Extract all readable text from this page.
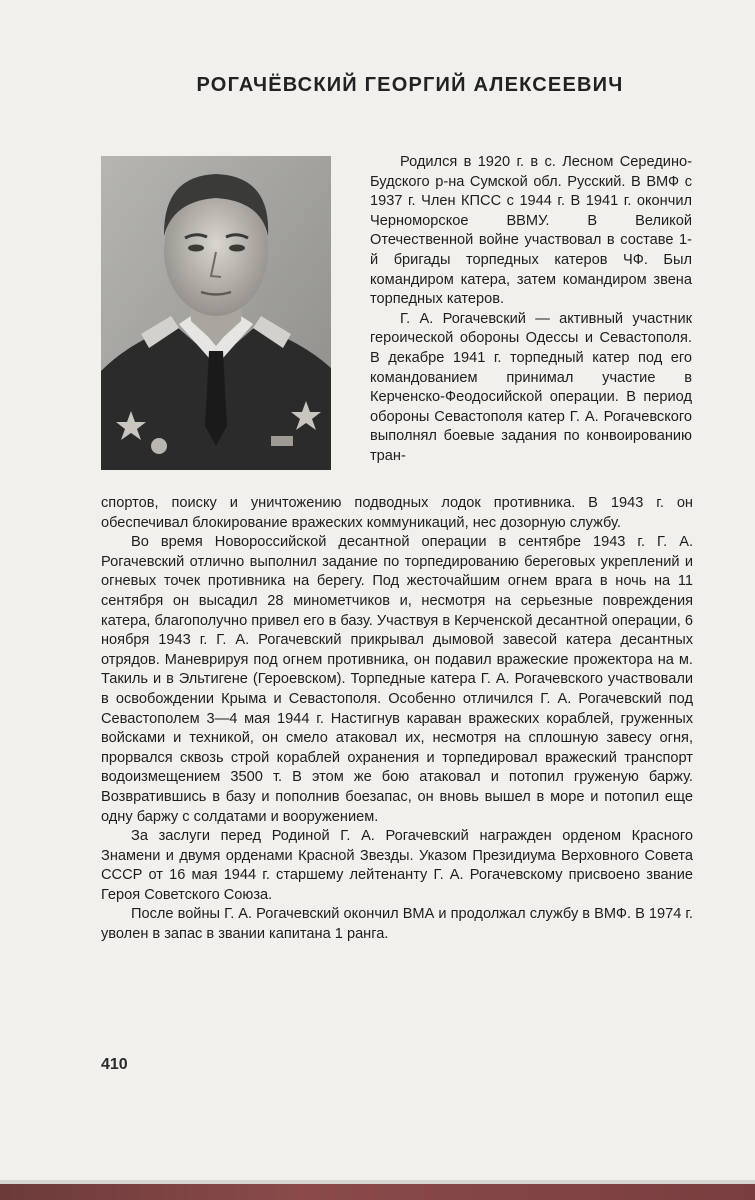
РОГАЧЁВСКИЙ ГЕОРГИЙ АЛЕКСЕЕВИЧ

Родился в 1920 г. в с. Лесном Середино-Будского р-на Сумской обл. Русский. В ВМФ с 1937 г. Член КПСС с 1944 г. В 1941 г. окончил Черноморское ВВМУ. В Великой Отечественной войне участвовал в составе 1-й бригады торпедных катеров ЧФ. Был командиром катера, затем командиром звена торпедных катеров.

Г. А. Рогачевский — активный участник героической обороны Одессы и Севастополя. В декабре 1941 г. торпедный катер под его командованием принимал участие в Керченско-Феодосийской операции. В период обороны Севастополя катер Г. А. Рогачевского выполнял боевые задания по конвоированию тран-

спортов, поиску и уничтожению подводных лодок противника. В 1943 г. он обеспечивал блокирование вражеских коммуникаций, нес дозорную службу.

Во время Новороссийской десантной операции в сентябре 1943 г. Г. А. Рогачевский отлично выполнил задание по торпедированию береговых укреплений и огневых точек противника на берегу. Под жесточайшим огнем врага в ночь на 11 сентября он высадил 28 минометчиков и, несмотря на серьезные повреждения катера, благополучно привел его в базу. Участвуя в Керченской десантной операции, 6 ноября 1943 г. Г. А. Рогачевский прикрывал дымовой завесой катера десантных отрядов. Маневрируя под огнем противника, он подавил вражеские прожектора на м. Такиль и в Эльтигене (Героевском). Торпедные катера Г. А. Рогачевского участвовали в освобождении Крыма и Севастополя. Особенно отличился Г. А. Рогачевский под Севастополем 3—4 мая 1944 г. Настигнув караван вражеских кораблей, груженных войсками и техникой, он смело атаковал их, несмотря на сплошную завесу огня, прорвался сквозь строй кораблей охранения и торпедировал вражеский транспорт водоизмещением 3500 т. В этом же бою атаковал и потопил груженую баржу. Возвратившись в базу и пополнив боезапас, он вновь вышел в море и потопил еще одну баржу с солдатами и вооружением.

За заслуги перед Родиной Г. А. Рогачевский награжден орденом Красного Знамени и двумя орденами Красной Звезды. Указом Президиума Верховного Совета СССР от 16 мая 1944 г. старшему лейтенанту Г. А. Рогачевскому присвоено звание Героя Советского Союза.

После войны Г. А. Рогачевский окончил ВМА и продолжал службу в ВМФ. В 1974 г. уволен в запас в звании капитана 1 ранга.

410
